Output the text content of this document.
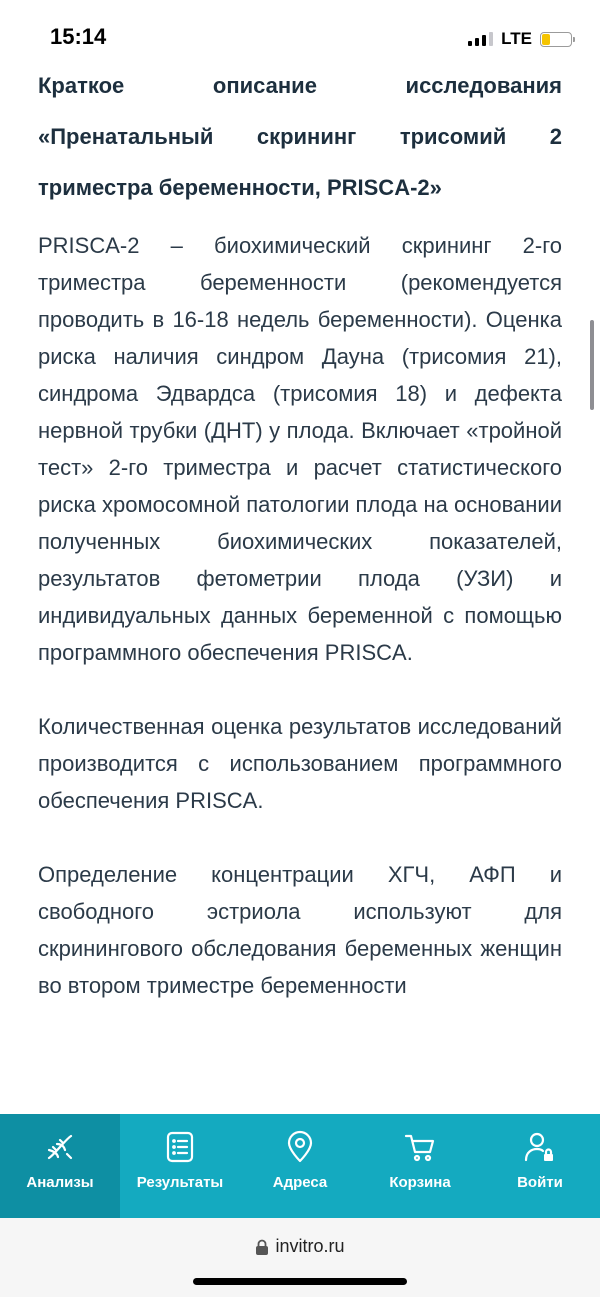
15:14	LTE
Краткое описание исследования «Пренатальный скрининг трисомий 2 триместра беременности, PRISCA-2»

PRISCA-2 – биохимический скрининг 2-го триместра беременности (рекомендуется проводить в 16-18 недель беременности). Оценка риска наличия синдром Дауна (трисомия 21), синдрома Эдвардса (трисомия 18) и дефекта нервной трубки (ДНТ) у плода. Включает «тройной тест» 2-го триместра и расчет статистического риска хромосомной патологии плода на основании полученных биохимических показателей, результатов фетометрии плода (УЗИ) и индивидуальных данных беременной с помощью программного обеспечения PRISCA.

Количественная оценка результатов исследований производится с использованием программного обеспечения PRISCA.

Определение концентрации ХГЧ, АФП и свободного эстриола используют для скринингового обследования беременных женщин во втором триместре беременности

Анализы	Результаты	Адреса	Корзина	Войти
invitro.ru
